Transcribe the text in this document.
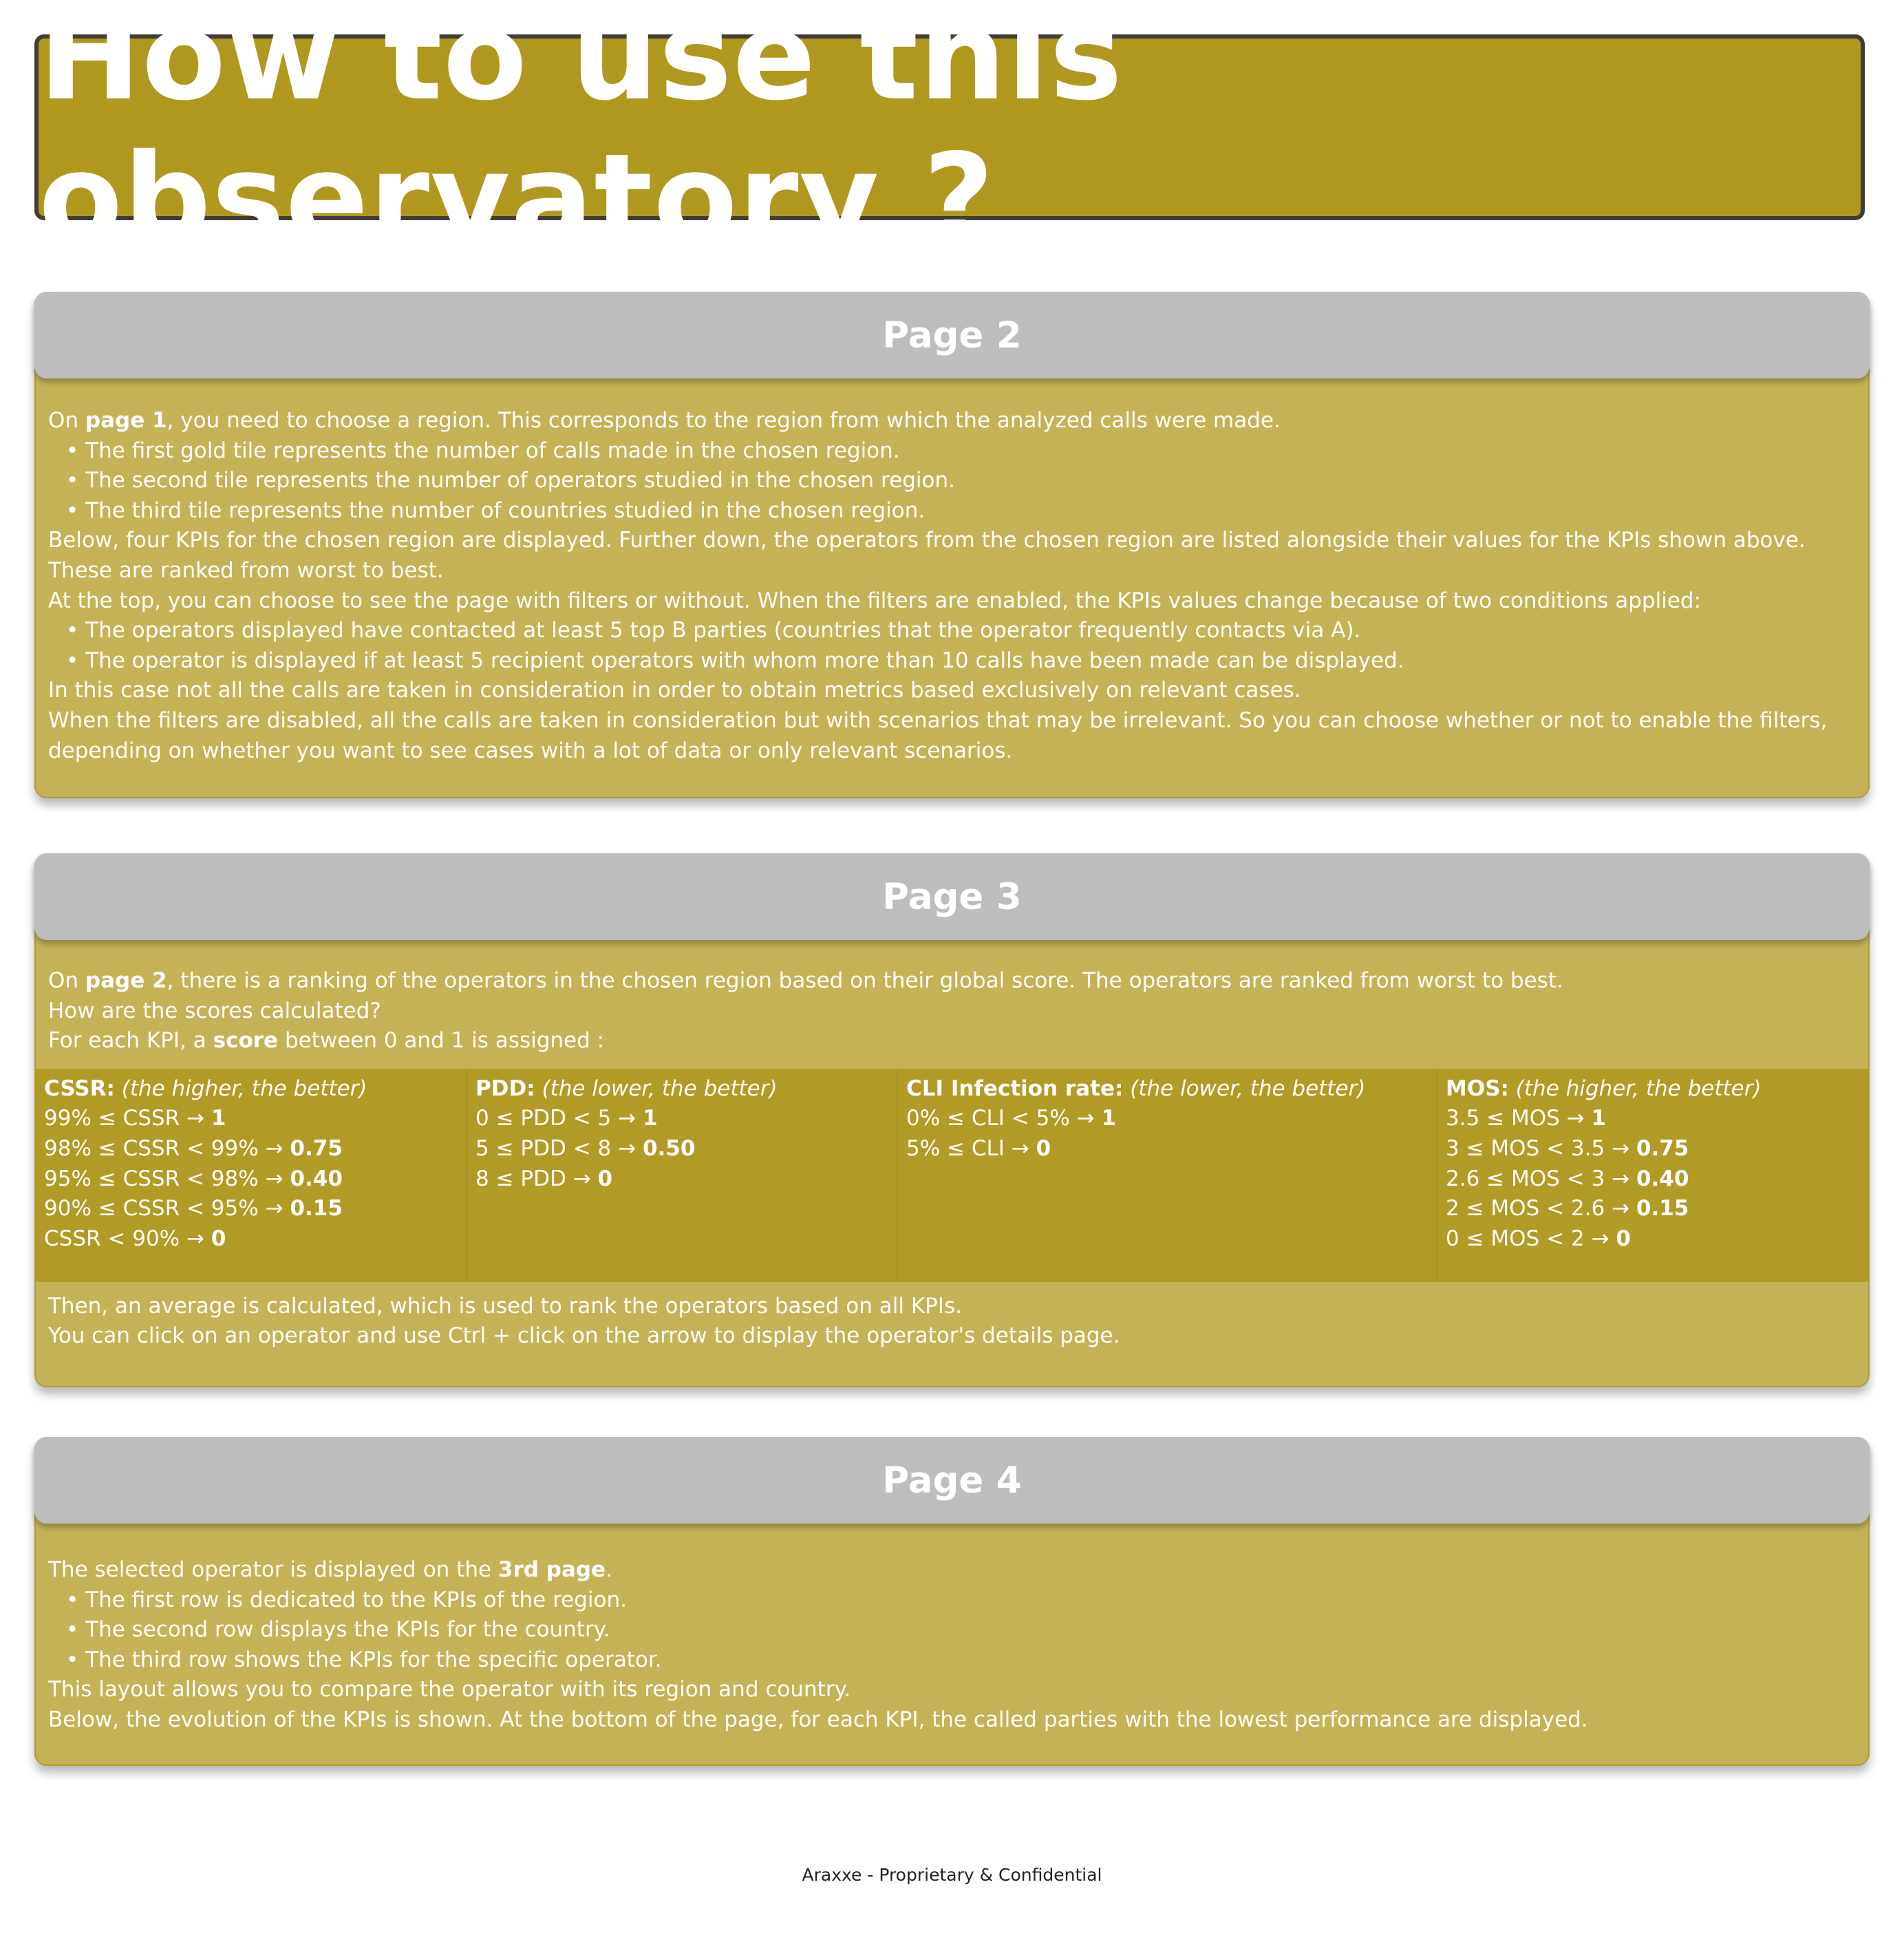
How to use this observatory ?
Page 2

On page 1, you need to choose a region. This corresponds to the region from which the analyzed calls were made.

• The first gold tile represents the number of calls made in the chosen region.

• The second tile represents the number of operators studied in the chosen region.

• The third tile represents the number of countries studied in the chosen region.

Below, four KPIs for the chosen region are displayed. Further down, the operators from the chosen region are listed alongside their values for the KPIs shown above. These are ranked from worst to best.

At the top, you can choose to see the page with filters or without. When the filters are enabled, the KPIs values change because of two conditions applied:

• The operators displayed have contacted at least 5 top B parties (countries that the operator frequently contacts via A).

• The operator is displayed if at least 5 recipient operators with whom more than 10 calls have been made can be displayed.

In this case not all the calls are taken in consideration in order to obtain metrics based exclusively on relevant cases.

When the filters are disabled, all the calls are taken in consideration but with scenarios that may be irrelevant. So you can choose whether or not to enable the filters, depending on whether you want to see cases with a lot of data or only relevant scenarios.

Page 3

On page 2, there is a ranking of the operators in the chosen region based on their global score. The operators are ranked from worst to best.

How are the scores calculated?

For each KPI, a score between 0 and 1 is assigned :

CSSR: (the higher, the better)
99% ≤ CSSR → 1
98% ≤ CSSR < 99% → 0.75
95% ≤ CSSR < 98% → 0.40
90% ≤ CSSR < 95% → 0.15
CSSR < 90% → 0
PDD: (the lower, the better)
0 ≤ PDD < 5 → 1
5 ≤ PDD < 8 → 0.50
8 ≤ PDD → 0
CLI Infection rate: (the lower, the better)
0% ≤ CLI < 5% → 1
5% ≤ CLI → 0
MOS: (the higher, the better)
3.5 ≤ MOS → 1
3 ≤ MOS < 3.5 → 0.75
2.6 ≤ MOS < 3 → 0.40
2 ≤ MOS < 2.6 → 0.15
0 ≤ MOS < 2 → 0

Then, an average is calculated, which is used to rank the operators based on all KPIs.

You can click on an operator and use Ctrl + click on the arrow to display the operator's details page.

Page 4

The selected operator is displayed on the 3rd page.

• The first row is dedicated to the KPIs of the region.

• The second row displays the KPIs for the country.

• The third row shows the KPIs for the specific operator.

This layout allows you to compare the operator with its region and country.

Below, the evolution of the KPIs is shown. At the bottom of the page, for each KPI, the called parties with the lowest performance are displayed.

Araxxe - Proprietary & Confidential
